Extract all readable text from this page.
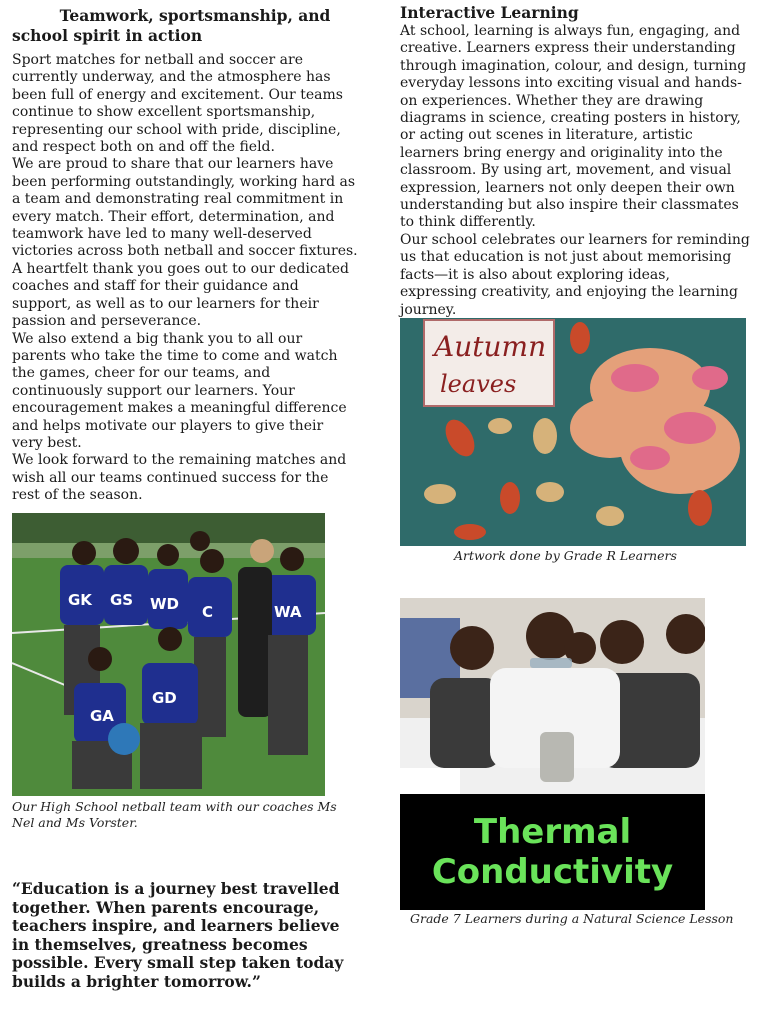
Teamwork, sportsmanship, and
school spirit in action

Sport matches for netball and soccer are currently underway, and the atmosphere has been full of energy and excitement. Our teams continue to show excellent sportsmanship, representing our school with pride, discipline, and respect both on and off the field.

We are proud to share that our learners have been performing outstandingly, working hard as a team and demonstrating real commitment in every match. Their effort, determination, and teamwork have led to many well-deserved victories across both netball and soccer fixtures.

A heartfelt thank you goes out to our dedicated coaches and staff for their guidance and support, as well as to our learners for their passion and perseverance.

We also extend a big thank you to all our parents who take the time to come and watch the games, cheer for our teams, and continuously support our learners. Your encouragement makes a meaningful difference and helps motivate our players to give their very best.

We look forward to the remaining matches and wish all our teams continued success for the rest of the season.

GK GS WD C	WA
GA
GD
Our High School netball team with our coaches Ms Nel and Ms Vorster.
“Education is a journey best travelled together. When parents encourage, teachers inspire, and learners believe in themselves, greatness becomes possible. Every small step taken today builds a brighter tomorrow.”
Interactive Learning

At school, learning is always fun, engaging, and creative. Learners express their understanding through imagination, colour, and design, turning everyday lessons into exciting visual and hands-on experiences. Whether they are drawing diagrams in science, creating posters in history, or acting out scenes in literature, artistic learners bring energy and originality into the classroom. By using art, movement, and visual expression, learners not only deepen their own understanding but also inspire their classmates to think differently.

Our school celebrates our learners for reminding us that education is not just about memorising facts—it is also about exploring ideas, expressing creativity, and enjoying the learning journey.

Autumn
leaves
Artwork done by Grade R Learners
Thermal
Conductivity
Grade 7 Learners during a Natural Science Lesson
